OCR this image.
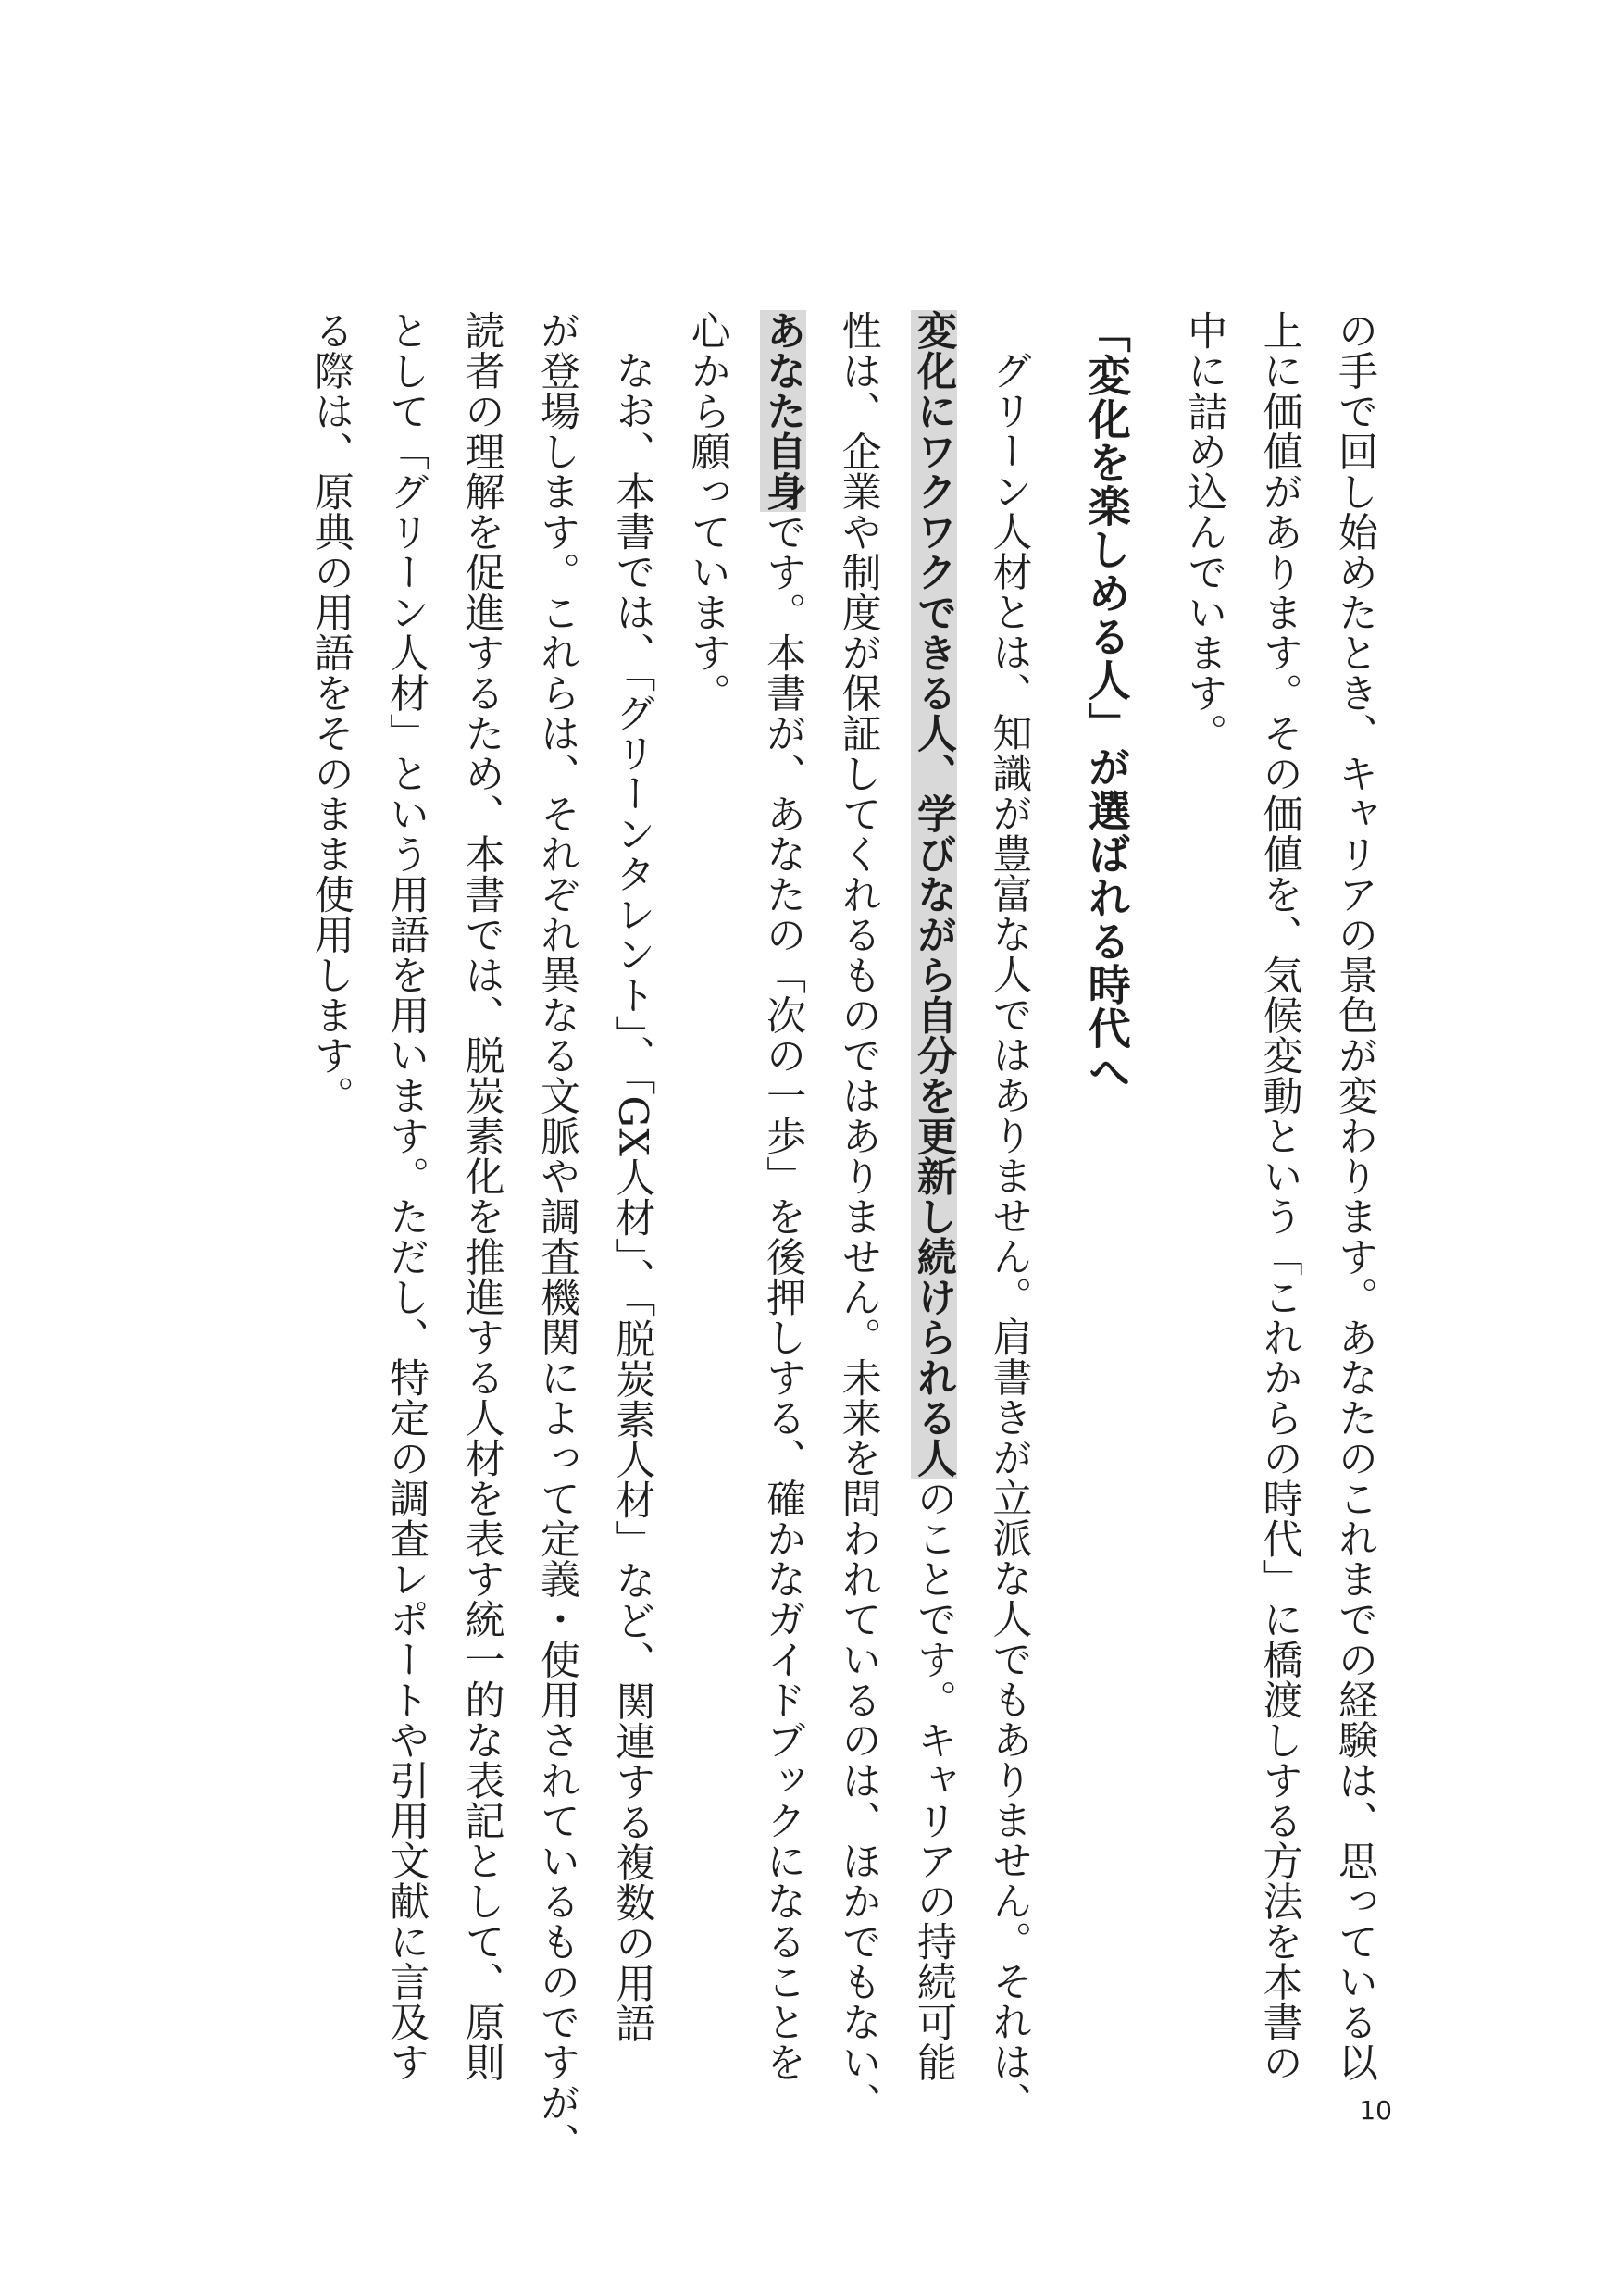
の手で回し始めたとき、キャリアの景色が変わります。あなたのこれまでの経験は、思っている以
上に価値があります。その価値を、気候変動という「これからの時代」に橋渡しする方法を本書の
中に詰め込んでいます。
「変化を楽しめる人」が選ばれる時代へ
グリーン人材とは、知識が豊富な人ではありません。肩書きが立派な人でもありません。それは、
変化にワクワクできる人、学びながら自分を更新し続けられる人のことです。キャリアの持続可能
性は、企業や制度が保証してくれるものではありません。未来を問われているのは、ほかでもない、
あなた自身です。本書が、あなたの「次の一歩」を後押しする、確かなガイドブックになることを
心から願っています。
なお、本書では、「グリーンタレント」、「GX人材」、「脱炭素人材」など、関連する複数の用語
が登場します。これらは、それぞれ異なる文脈や調査機関によって定義・使用されているものですが、
読者の理解を促進するため、本書では、脱炭素化を推進する人材を表す統一的な表記として、原則
として「グリーン人材」という用語を用います。ただし、特定の調査レポートや引用文献に言及す
る際は、原典の用語をそのまま使用します。
10
